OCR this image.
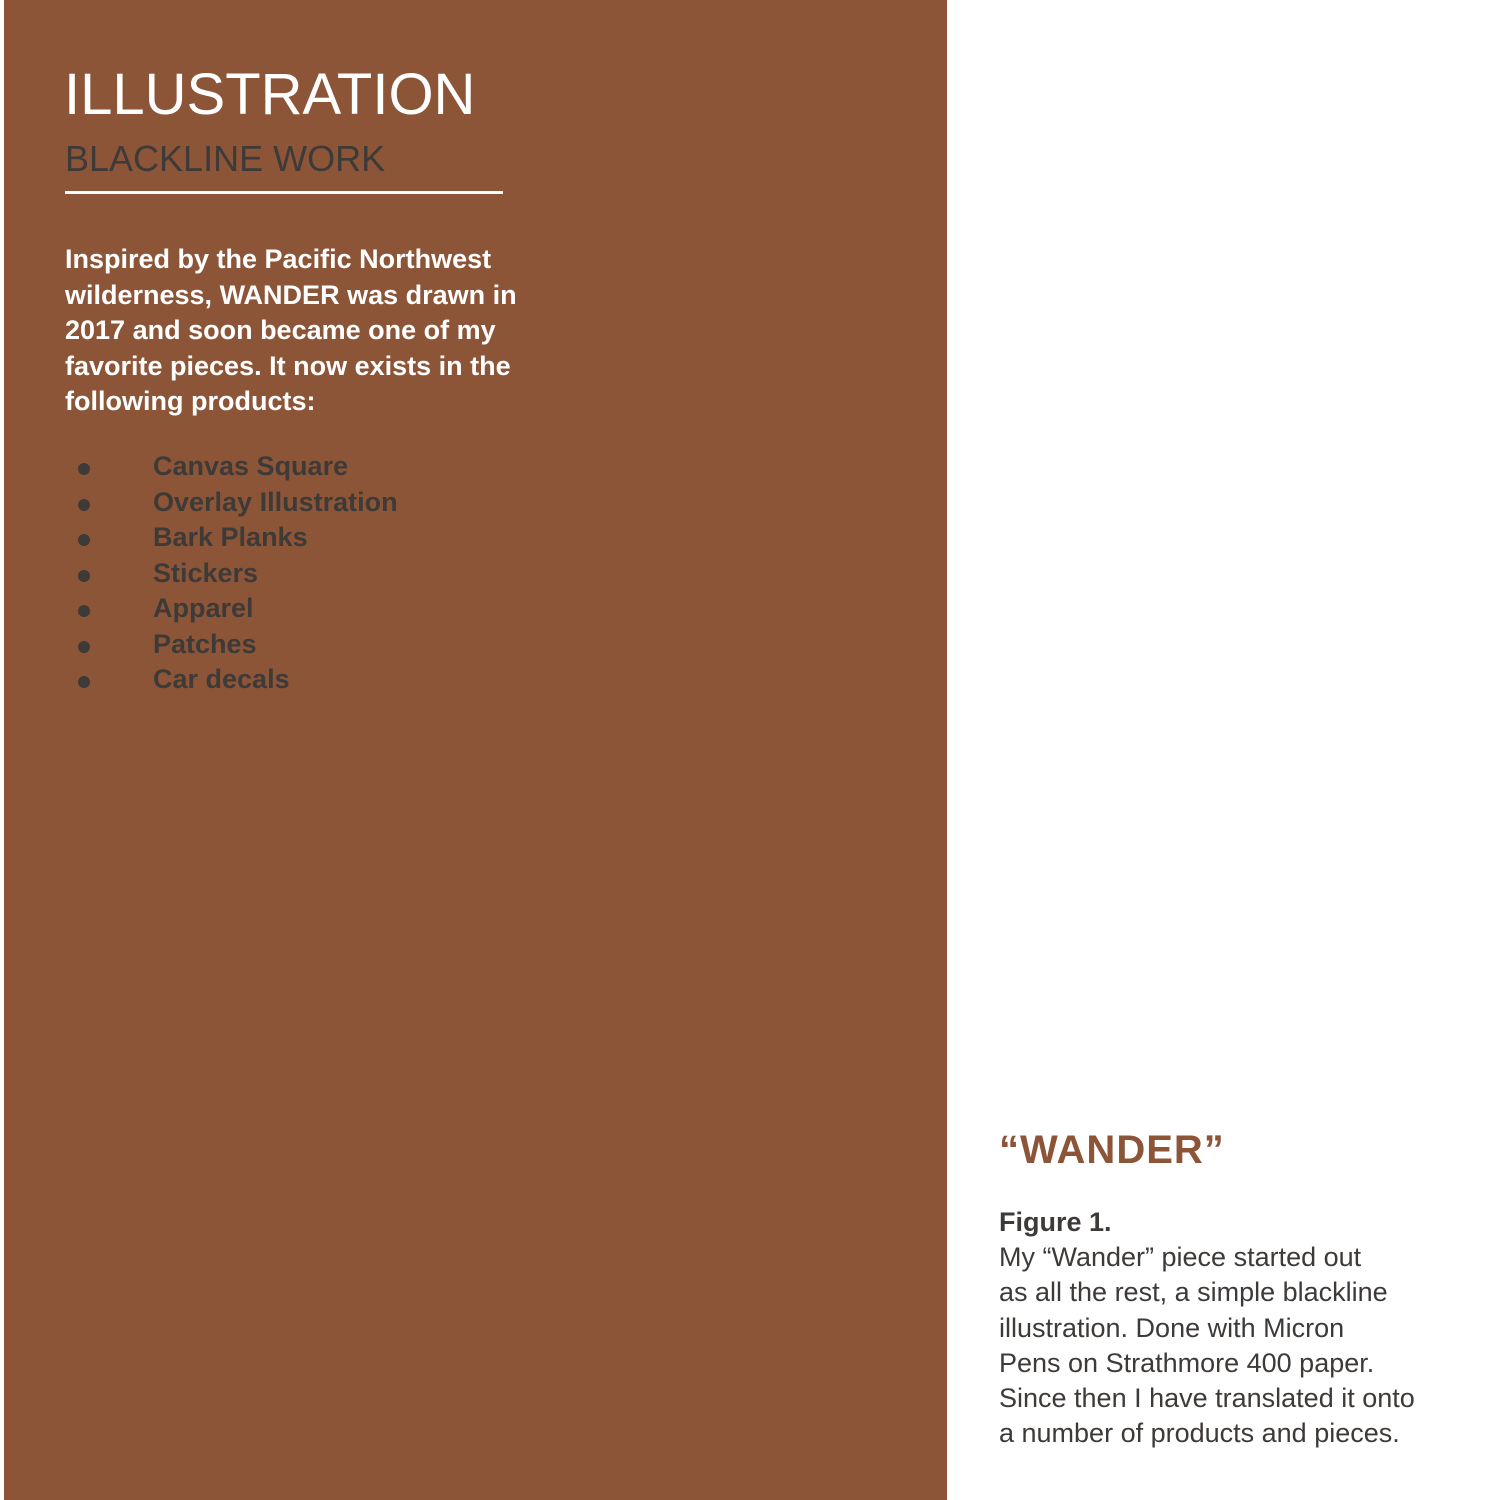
ILLUSTRATION
BLACKLINE WORK

Inspired by the Pacific Northwest wilderness, WANDER was drawn in 2017 and soon became one of my favorite pieces. It now exists in the following products:

Canvas Square
Overlay Illustration
Bark Planks
Stickers
Apparel
Patches
Car decals
“WANDER”
Figure 1.
My “Wander” piece started out
as all the rest, a simple blackline
illustration. Done with Micron
Pens on Strathmore 400 paper.
Since then I have translated it onto
a number of products and pieces.
